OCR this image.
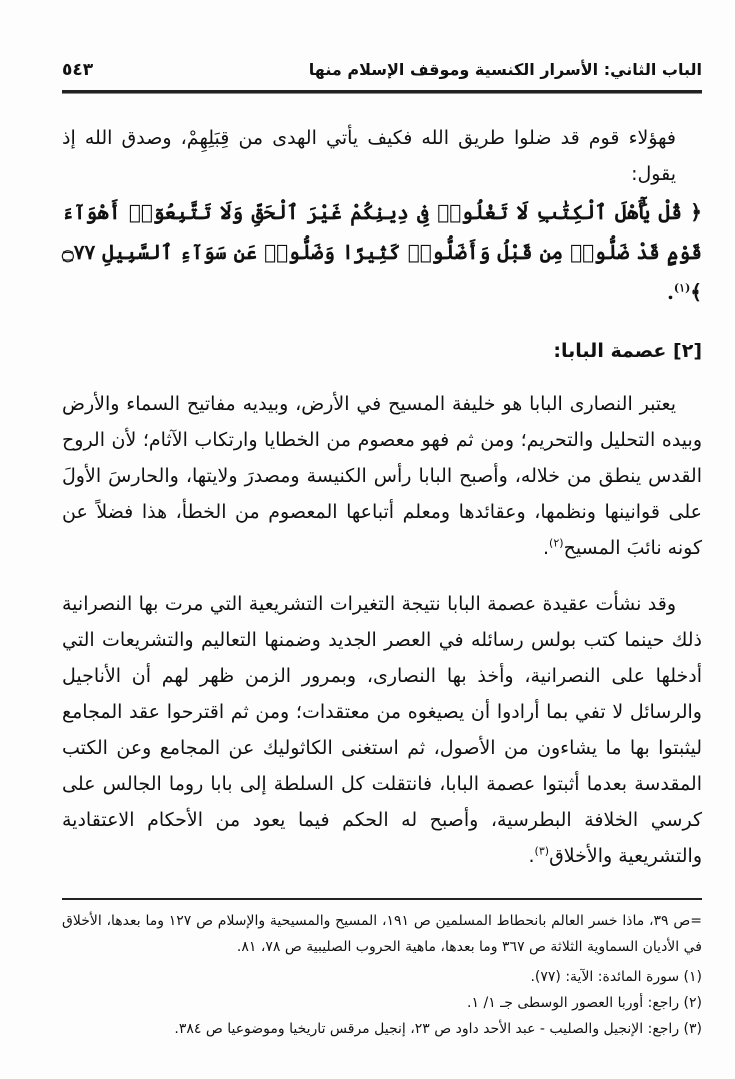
الباب الثاني: الأسرار الكنسية وموقف الإسلام منها
٥٤٣
فهؤلاء قوم قد ضلوا طريق الله فكيف يأتي الهدى من قِبَلِهِمْ، وصدق الله إذ يقول:
﴿ قُلْ يَٰٓأَهْلَ ٱلْكِتَٰبِ لَا تَغْلُوا۟ فِى دِينِكُمْ غَيْرَ ٱلْحَقِّ وَلَا تَتَّبِعُوٓا۟ أَهْوَآءَ قَوْمٍ قَدْ ضَلُّوا۟ مِن قَبْلُ وَأَضَلُّوا۟ كَثِيرًا وَضَلُّوا۟ عَن سَوَآءِ ٱلسَّبِيلِ ۝٧٧ ﴾$^{(١)}$.
[٢] عصمة البابا:
يعتبر النصارى البابا هو خليفة المسيح في الأرض، وبيديه مفاتيح السماء والأرض وبيده التحليل والتحريم؛ ومن ثم فهو معصوم من الخطايا وارتكاب الآثام؛ لأن الروح القدس ينطق من خلاله، وأصبح البابا رأس الكنيسة ومصدرَ ولايتها، والحارسَ الأولَ على قوانينها ونظمها، وعقائدها ومعلم أتباعها المعصوم من الخطأ، هذا فضلاً عن كونه نائبَ المسيح$^{(٢)}$.
وقد نشأت عقيدة عصمة البابا نتيجة التغيرات التشريعية التي مرت بها النصرانية ذلك حينما كتب بولس رسائله في العصر الجديد وضمنها التعاليم والتشريعات التي أدخلها على النصرانية، وأخذ بها النصارى، وبمرور الزمن ظهر لهم أن الأناجيل والرسائل لا تفي بما أرادوا أن يصيغوه من معتقدات؛ ومن ثم اقترحوا عقد المجامع ليثبتوا بها ما يشاءون من الأصول، ثم استغنى الكاثوليك عن المجامع وعن الكتب المقدسة بعدما أثبتوا عصمة البابا، فانتقلت كل السلطة إلى بابا روما الجالس على كرسي الخلافة البطرسية، وأصبح له الحكم فيما يعود من الأحكام الاعتقادية والتشريعية والأخلاق$^{(٣)}$.
=ص ٣٩، ماذا خسر العالم بانحطاط المسلمين ص ١٩١، المسيح والمسيحية والإسلام ص ١٢٧ وما بعدها، الأخلاق في الأديان السماوية الثلاثة ص ٣٦٧ وما بعدها، ماهية الحروب الصليبية ص ٧٨، ٨١.
(١) سورة المائدة: الآية: (٧٧).
(٢) راجع: أوربا العصور الوسطى جـ ١/ ١.
(٣) راجع: الإنجيل والصليب - عبد الأحد داود ص ٢٣، إنجيل مرقس تاريخيا وموضوعيا ص ٣٨٤.
